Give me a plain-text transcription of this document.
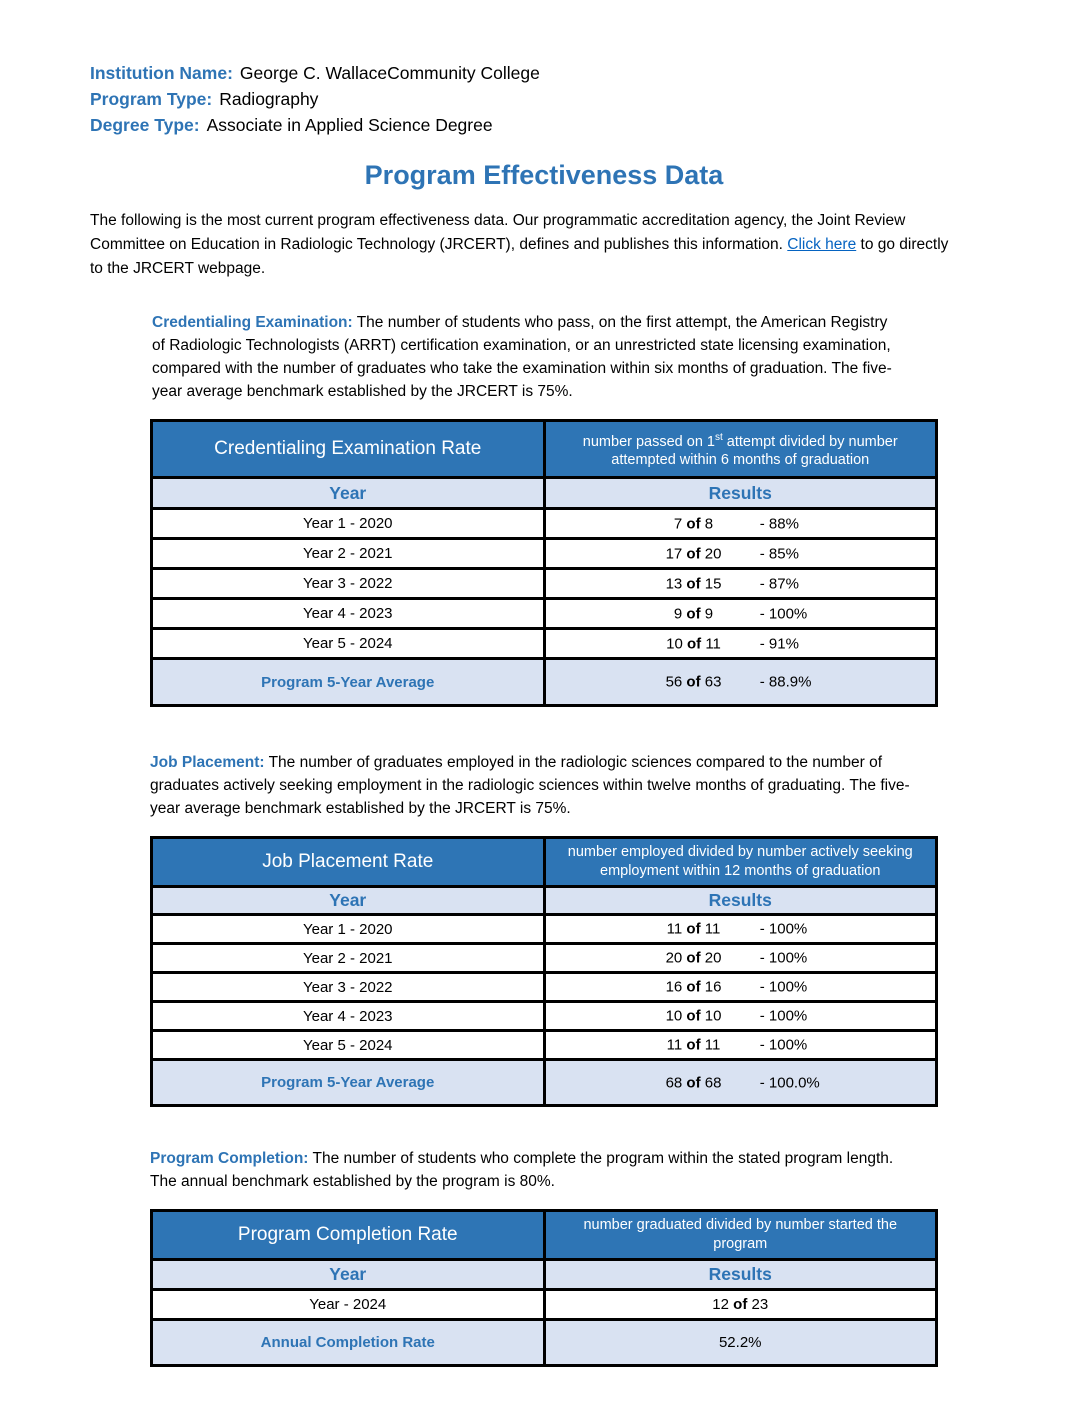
Institution Name: George C. WallaceCommunity College
Program Type: Radiography
Degree Type: Associate in Applied Science Degree
Program Effectiveness Data

The following is the most current program effectiveness data. Our programmatic accreditation agency, the Joint Review Committee on Education in Radiologic Technology (JRCERT), defines and publishes this information. Click here to go directly to the JRCERT webpage.

Credentialing Examination: The number of students who pass, on the first attempt, the American Registry of Radiologic Technologists (ARRT) certification examination, or an unrestricted state licensing examination, compared with the number of graduates who take the examination within six months of graduation. The five-year average benchmark established by the JRCERT is 75%.

Credentialing Examination Rate	number passed on 1st attempt divided by number attempted within 6 months of graduation
Year	Results
Year 1 - 2020	7 of 8 - 88%

Year 2 - 2021	17 of 20 - 85%

Year 3 - 2022	13 of 15 - 87%

Year 4 - 2023	9 of 9 - 100%

Year 5 - 2024	10 of 11 - 91%

Program 5-Year Average	56 of 63 - 88.9%

Job Placement: The number of graduates employed in the radiologic sciences compared to the number of graduates actively seeking employment in the radiologic sciences within twelve months of graduating. The five-year average benchmark established by the JRCERT is 75%.

Job Placement Rate	number employed divided by number actively seeking employment within 12 months of graduation
Year	Results
Year 1 - 2020	11 of 11 - 100%

Year 2 - 2021	20 of 20 - 100%

Year 3 - 2022	16 of 16 - 100%

Year 4 - 2023	10 of 10 - 100%

Year 5 - 2024	11 of 11 - 100%

Program 5-Year Average	68 of 68 - 100.0%

Program Completion: The number of students who complete the program within the stated program length. The annual benchmark established by the program is 80%.

Program Completion Rate	number graduated divided by number started the program
Year	Results
Year - 2024	12 of 23

Annual Completion Rate	52.2%
